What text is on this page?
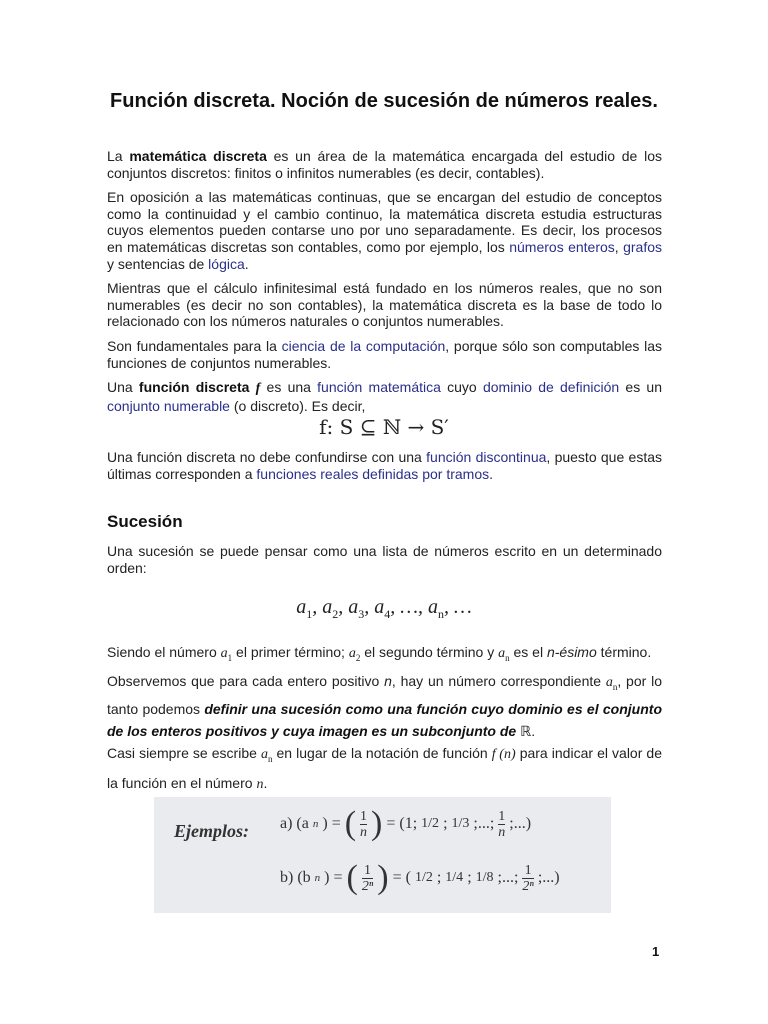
Función discreta. Noción de sucesión de números reales.

La matemática discreta es un área de la matemática encargada del estudio de los conjuntos discretos: finitos o infinitos numerables (es decir, contables).

En oposición a las matemáticas continuas, que se encargan del estudio de conceptos como la continuidad y el cambio continuo, la matemática discreta estudia estructuras cuyos elementos pueden contarse uno por uno separadamente. Es decir, los procesos en matemáticas discretas son contables, como por ejemplo, los números enteros, grafos y sentencias de lógica.

Mientras que el cálculo infinitesimal está fundado en los números reales, que no son numerables (es decir no son contables), la matemática discreta es la base de todo lo relacionado con los números naturales o conjuntos numerables.

Son fundamentales para la ciencia de la computación, porque sólo son computables las funciones de conjuntos numerables.

Una función discreta f es una función matemática cuyo dominio de definición es un conjunto numerable (o discreto). Es decir,

f: S ⊆ ℕ → S′

Una función discreta no debe confundirse con una función discontinua, puesto que estas últimas corresponden a funciones reales definidas por tramos.

Sucesión

Una sucesión se puede pensar como una lista de números escrito en un determinado orden:

$a_1$, $a_2$, $a_3$, $a_4$, …, $a_n$, …

Siendo el número $a_1$ el primer término; $a_2$ el segundo término y $a_n$ es el n-ésimo término.

Observemos que para cada entero positivo n, hay un número correspondiente $a_n$, por lo tanto podemos definir una sucesión como una función cuyo dominio es el conjunto de los enteros positivos y cuya imagen es un subconjunto de ℝ.

Casi siempre se escribe $a_n$ en lugar de la notación de función f (n) para indicar el valor de la función en el número n.

Ejemplos: a) (a n ) = ( $\frac{1}{n}$ ) = (1; 1/2 ; 1/3 ;...; $\frac{1}{n}$ ;...)
b) (b n ) = ( $\frac{1}{\text{2ⁿ}}$ ) = ( 1/2 ; 1/4 ; 1/8 ;...; $\frac{1}{\text{2ⁿ}}$ ;...)
1
